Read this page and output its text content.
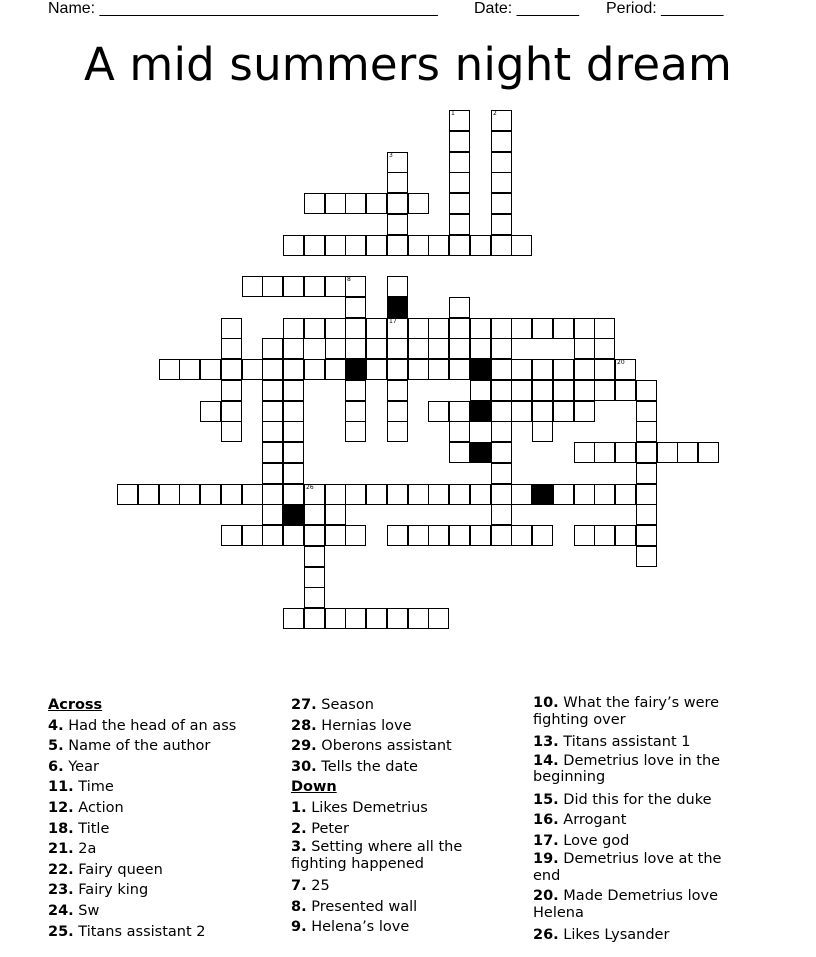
Name: ______________________________________ Date: _______ Period: _______
A mid summers night dream
1	2
3
8
17
20
26
Across
4. Had the head of an ass
5. Name of the author
6. Year
11. Time
12. Action
18. Title
21. 2a
22. Fairy queen
23. Fairy king
24. Sw
25. Titans assistant 2
27. Season
28. Hernias love
29. Oberons assistant
30. Tells the date
Down
1. Likes Demetrius
2. Peter
3. Setting where all the fighting happened
7. 25
8. Presented wall
9. Helena’s love
10. What the fairy’s were fighting over
13. Titans assistant 1
14. Demetrius love in the beginning
15. Did this for the duke
16. Arrogant
17. Love god
19. Demetrius love at the end
20. Made Demetrius love Helena
26. Likes Lysander
